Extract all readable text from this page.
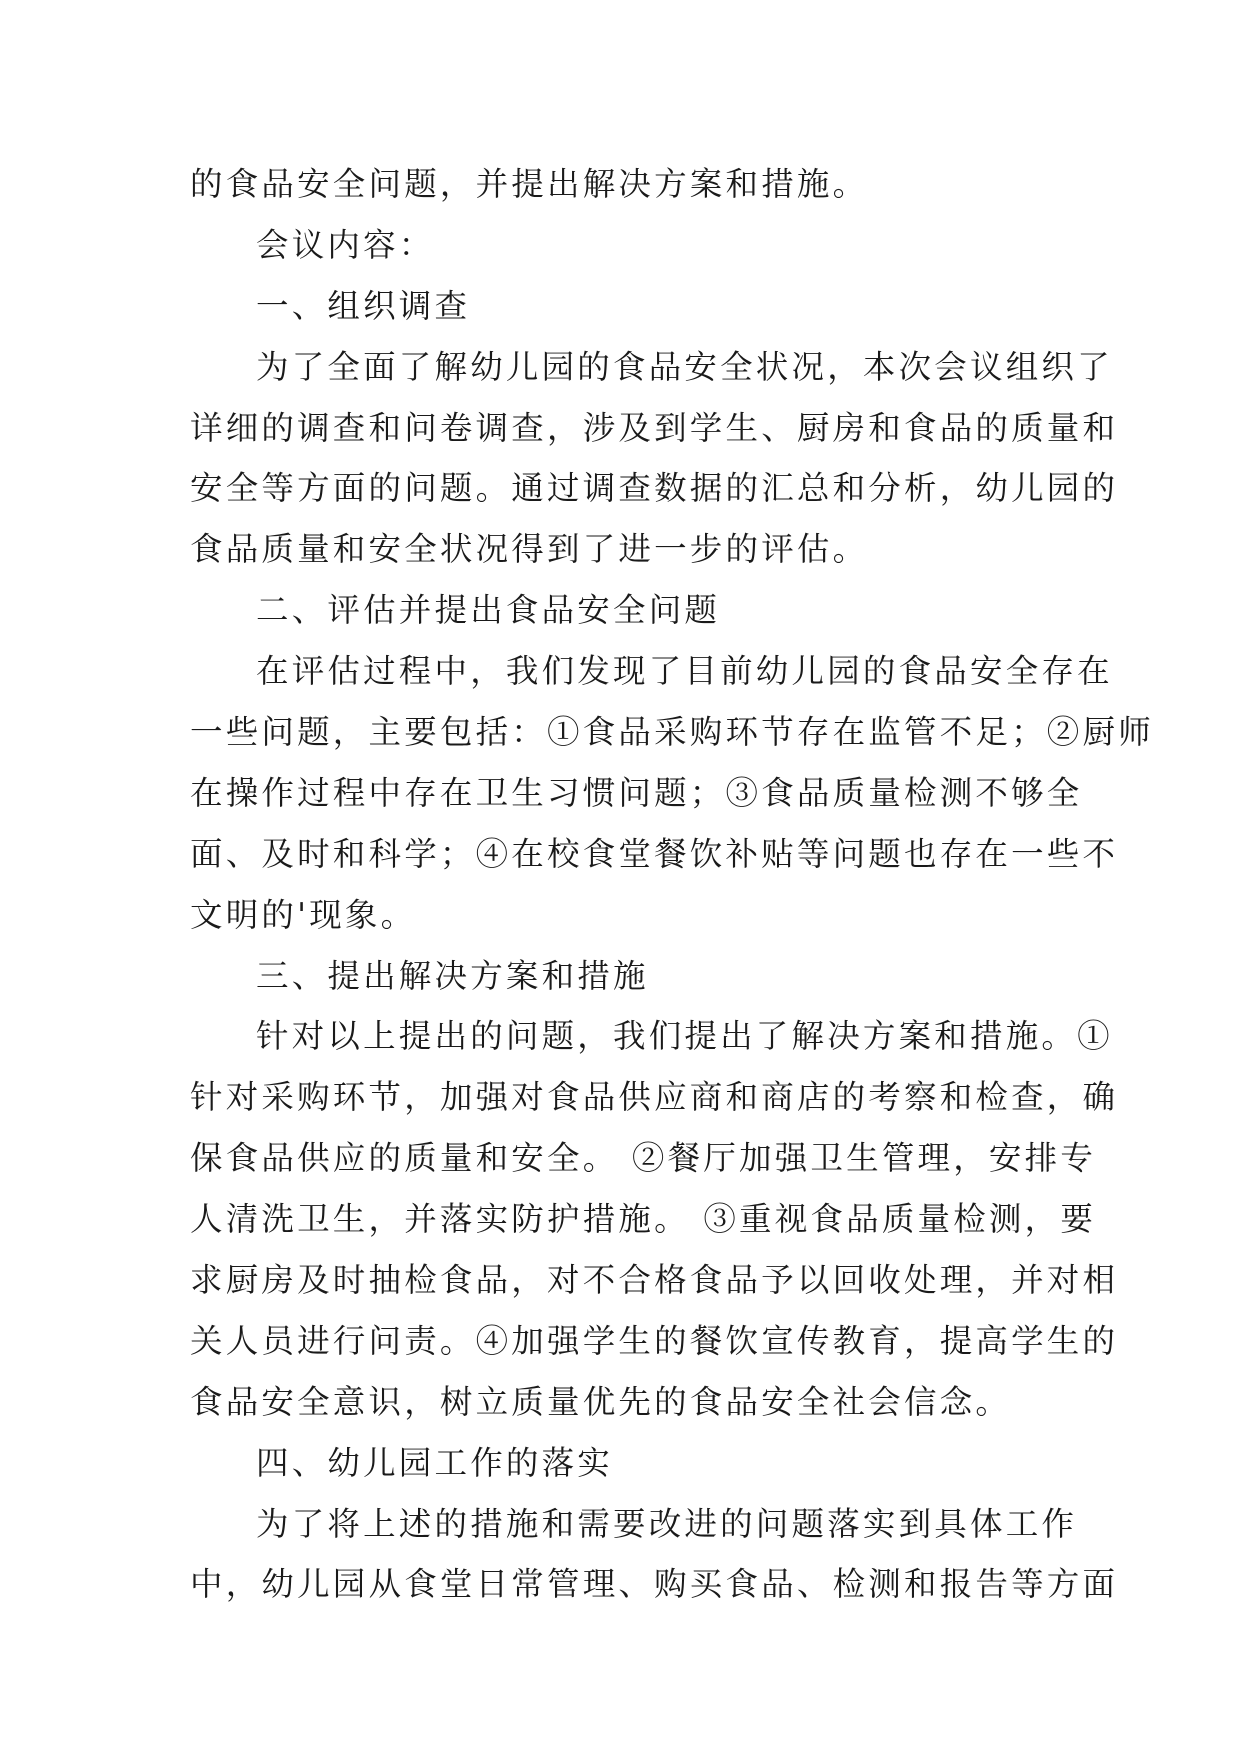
的食品安全问题，并提出解决方案和措施。
会议内容：
一、组织调查
为了全面了解幼儿园的食品安全状况，本次会议组织了
详细的调查和问卷调查，涉及到学生、厨房和食品的质量和
安全等方面的问题。通过调查数据的汇总和分析，幼儿园的
食品质量和安全状况得到了进一步的评估。
二、评估并提出食品安全问题
在评估过程中，我们发现了目前幼儿园的食品安全存在
一些问题，主要包括：①食品采购环节存在监管不足；②厨师
在操作过程中存在卫生习惯问题；③食品质量检测不够全
面、及时和科学；④在校食堂餐饮补贴等问题也存在一些不
文明的'现象。
三、提出解决方案和措施
针对以上提出的问题，我们提出了解决方案和措施。①
针对采购环节，加强对食品供应商和商店的考察和检查，确
保食品供应的质量和安全。 ②餐厅加强卫生管理，安排专
人清洗卫生，并落实防护措施。 ③重视食品质量检测，要
求厨房及时抽检食品，对不合格食品予以回收处理，并对相
关人员进行问责。④加强学生的餐饮宣传教育，提高学生的
食品安全意识，树立质量优先的食品安全社会信念。
四、幼儿园工作的落实
为了将上述的措施和需要改进的问题落实到具体工作
中，幼儿园从食堂日常管理、购买食品、检测和报告等方面
